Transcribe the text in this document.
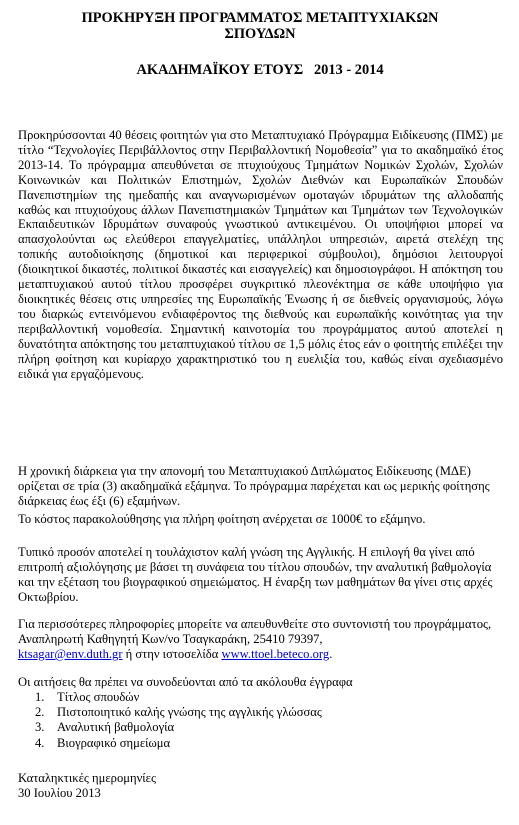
ΠΡΟΚΗΡΥΞΗ ΠΡΟΓΡΑΜΜΑΤΟΣ ΜΕΤΑΠΤΥΧΙΑΚΩΝ
ΣΠΟΥΔΩΝ
ΑΚΑΔΗΜΑΪΚΟΥ ΕΤΟΥΣ   2013 - 2014
Προκηρύσσονται 40 θέσεις φοιτητών για στο Μεταπτυχιακό Πρόγραμμα Ειδίκευσης (ΠΜΣ) με τίτλο “Τεχνολογίες Περιβάλλοντος στην Περιβαλλοντική Νομοθεσία” για το ακαδημαϊκό έτος 2013-14. Το πρόγραμμα απευθύνεται σε πτυχιούχους Τμημάτων Νομικών Σχολών, Σχολών Κοινωνικών και Πολιτικών Επιστημών, Σχολών Διεθνών και Ευρωπαϊκών Σπουδών Πανεπιστημίων της ημεδαπής και αναγνωρισμένων ομοταγών ιδρυμάτων της αλλοδαπής καθώς και πτυχιούχους άλλων Πανεπιστημιακών Τμημάτων και Τμημάτων των Τεχνολογικών Εκπαιδευτικών Ιδρυμάτων συναφούς γνωστικού αντικειμένου. Οι υποψήφιοι μπορεί να απασχολούνται ως ελεύθεροι επαγγελματίες, υπάλληλοι υπηρεσιών, αιρετά στελέχη της τοπικής αυτοδιοίκησης (δημοτικοί και περιφερικοί σύμβουλοι), δημόσιοι λειτουργοί (διοικητικοί δικαστές, πολιτικοί δικαστές και εισαγγελείς) και δημοσιογράφοι. Η απόκτηση του μεταπτυχιακού αυτού τίτλου προσφέρει συγκριτικό πλεονέκτημα σε κάθε υποψήφιο για διοικητικές θέσεις στις υπηρεσίες της Ευρωπαϊκής Ένωσης ή σε διεθνείς οργανισμούς, λόγω του διαρκώς εντεινόμενου ενδιαφέροντος της διεθνούς και ευρωπαϊκής κοινότητας για την περιβαλλοντική νομοθεσία. Σημαντική καινοτομία του προγράμματος αυτού αποτελεί η δυνατότητα απόκτησης του μεταπτυχιακού τίτλου σε 1,5 μόλις έτος εάν ο φοιτητής επιλέξει την πλήρη φοίτηση και κυρίαρχο χαρακτηριστικό του η ευελιξία του, καθώς είναι σχεδιασμένο ειδικά για εργαζόμενους.
Η χρονική διάρκεια για την απονομή του Μεταπτυχιακού Διπλώματος Ειδίκευσης (ΜΔΕ) ορίζεται σε τρία (3) ακαδημαϊκά εξάμηνα. Το πρόγραμμα παρέχεται και ως μερικής φοίτησης διάρκειας έως έξι (6) εξαμήνων.
Το κόστος παρακολούθησης για πλήρη φοίτηση ανέρχεται σε 1000€ το εξάμηνο.
Τυπικό προσόν αποτελεί η τουλάχιστον καλή γνώση της Αγγλικής. Η επιλογή θα γίνει από επιτροπή αξιολόγησης με βάσει τη συνάφεια του τίτλου σπουδών, την αναλυτική βαθμολογία και την εξέταση του βιογραφικού σημειώματος. Η έναρξη των μαθημάτων θα γίνει στις αρχές Οκτωβρίου.
Για περισσότερες πληροφορίες μπορείτε να απευθυνθείτε στο συντονιστή του προγράμματος, Αναπληρωτή Καθηγητή Κων/νο Τσαγκαράκη, 25410 79397,
ktsagar@env.duth.gr ή στην ιστοσελίδα www.ttoel.beteco.org.
Οι αιτήσεις θα πρέπει να συνοδεύονται από τα ακόλουθα έγγραφα
1. Τίτλος σπουδών
2. Πιστοποιητικό καλής γνώσης της αγγλικής γλώσσας
3. Αναλυτική βαθμολογία
4. Βιογραφικό σημείωμα
Καταληκτικές ημερομηνίες
30 Ιουλίου 2013
